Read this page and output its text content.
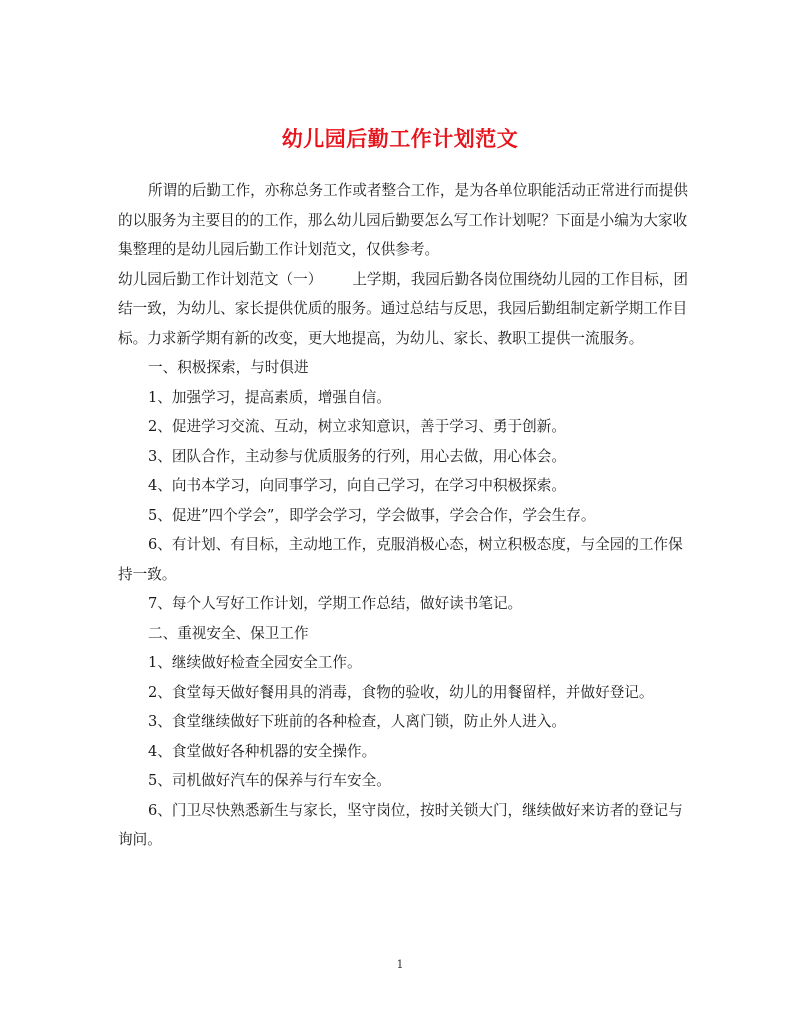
幼儿园后勤工作计划范文

所谓的后勤工作，亦称总务工作或者整合工作，是为各单位职能活动正常进行而提供的以服务为主要目的的工作，那么幼儿园后勤要怎么写工作计划呢？下面是小编为大家收集整理的是幼儿园后勤工作计划范文，仅供参考。

幼儿园后勤工作计划范文（一） 上学期，我园后勤各岗位围绕幼儿园的工作目标，团结一致，为幼儿、家长提供优质的服务。通过总结与反思，我园后勤组制定新学期工作目标。力求新学期有新的改变，更大地提高，为幼儿、家长、教职工提供一流服务。

一、积极探索，与时俱进

1、加强学习，提高素质，增强自信。

2、促进学习交流、互动，树立求知意识，善于学习、勇于创新。

3、团队合作，主动参与优质服务的行列，用心去做，用心体会。

4、向书本学习，向同事学习，向自己学习，在学习中积极探索。

5、促进”四个学会”，即学会学习，学会做事，学会合作，学会生存。

6、有计划、有目标，主动地工作，克服消极心态，树立积极态度，与全园的工作保持一致。

7、每个人写好工作计划，学期工作总结，做好读书笔记。

二、重视安全、保卫工作

1、继续做好检查全园安全工作。

2、食堂每天做好餐用具的消毒，食物的验收，幼儿的用餐留样，并做好登记。

3、食堂继续做好下班前的各种检查，人离门锁，防止外人进入。

4、食堂做好各种机器的安全操作。

5、司机做好汽车的保养与行车安全。

6、门卫尽快熟悉新生与家长，坚守岗位，按时关锁大门，继续做好来访者的登记与询问。

1
